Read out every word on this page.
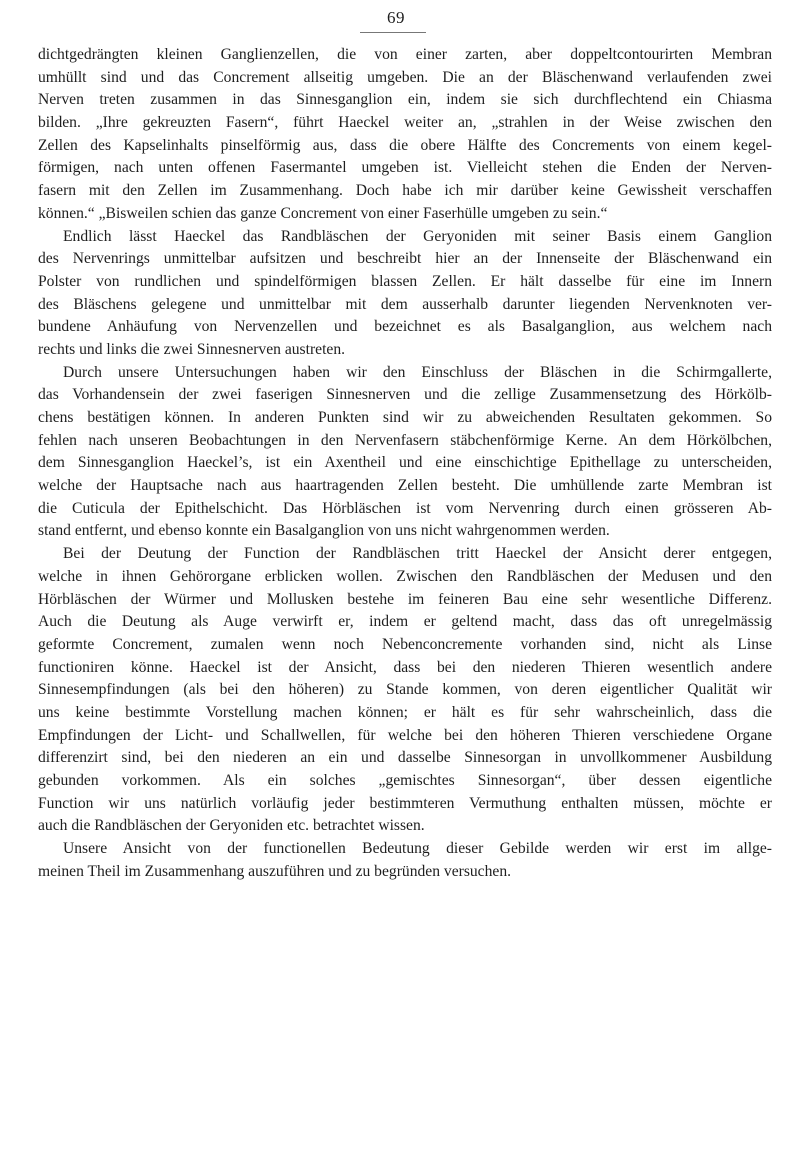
69
dichtgedrängten kleinen Ganglienzellen, die von einer zarten, aber doppeltcontourirten Membran
umhüllt sind und das Concrement allseitig umgeben. Die an der Bläschenwand verlaufenden zwei
Nerven treten zusammen in das Sinnesganglion ein, indem sie sich durchflechtend ein Chiasma
bilden. „Ihre gekreuzten Fasern“, führt Haeckel weiter an, „strahlen in der Weise zwischen den
Zellen des Kapselinhalts pinselförmig aus, dass die obere Hälfte des Concrements von einem kegel-
förmigen, nach unten offenen Fasermantel umgeben ist. Vielleicht stehen die Enden der Nerven-
fasern mit den Zellen im Zusammenhang. Doch habe ich mir darüber keine Gewissheit verschaffen
können.“ „Bisweilen schien das ganze Concrement von einer Faserhülle umgeben zu sein.“
Endlich lässt Haeckel das Randbläschen der Geryoniden mit seiner Basis einem Ganglion
des Nervenrings unmittelbar aufsitzen und beschreibt hier an der Innenseite der Bläschenwand ein
Polster von rundlichen und spindelförmigen blassen Zellen. Er hält dasselbe für eine im Innern
des Bläschens gelegene und unmittelbar mit dem ausserhalb darunter liegenden Nervenknoten ver-
bundene Anhäufung von Nervenzellen und bezeichnet es als Basalganglion, aus welchem nach
rechts und links die zwei Sinnesnerven austreten.
Durch unsere Untersuchungen haben wir den Einschluss der Bläschen in die Schirmgallerte,
das Vorhandensein der zwei faserigen Sinnesnerven und die zellige Zusammensetzung des Hörkölb-
chens bestätigen können. In anderen Punkten sind wir zu abweichenden Resultaten gekommen. So
fehlen nach unseren Beobachtungen in den Nervenfasern stäbchenförmige Kerne. An dem Hörkölbchen,
dem Sinnesganglion Haeckel’s, ist ein Axentheil und eine einschichtige Epithellage zu unterscheiden,
welche der Hauptsache nach aus haartragenden Zellen besteht. Die umhüllende zarte Membran ist
die Cuticula der Epithelschicht. Das Hörbläschen ist vom Nervenring durch einen grösseren Ab-
stand entfernt, und ebenso konnte ein Basalganglion von uns nicht wahrgenommen werden.
Bei der Deutung der Function der Randbläschen tritt Haeckel der Ansicht derer entgegen,
welche in ihnen Gehörorgane erblicken wollen. Zwischen den Randbläschen der Medusen und den
Hörbläschen der Würmer und Mollusken bestehe im feineren Bau eine sehr wesentliche Differenz.
Auch die Deutung als Auge verwirft er, indem er geltend macht, dass das oft unregelmässig
geformte Concrement, zumalen wenn noch Nebenconcremente vorhanden sind, nicht als Linse
functioniren könne. Haeckel ist der Ansicht, dass bei den niederen Thieren wesentlich andere
Sinnesempfindungen (als bei den höheren) zu Stande kommen, von deren eigentlicher Qualität wir
uns keine bestimmte Vorstellung machen können; er hält es für sehr wahrscheinlich, dass die
Empfindungen der Licht- und Schallwellen, für welche bei den höheren Thieren verschiedene Organe
differenzirt sind, bei den niederen an ein und dasselbe Sinnesorgan in unvollkommener Ausbildung
gebunden vorkommen. Als ein solches „gemischtes Sinnesorgan“, über dessen eigentliche
Function wir uns natürlich vorläufig jeder bestimmteren Vermuthung enthalten müssen, möchte er
auch die Randbläschen der Geryoniden etc. betrachtet wissen.
Unsere Ansicht von der functionellen Bedeutung dieser Gebilde werden wir erst im allge-
meinen Theil im Zusammenhang auszuführen und zu begründen versuchen.
